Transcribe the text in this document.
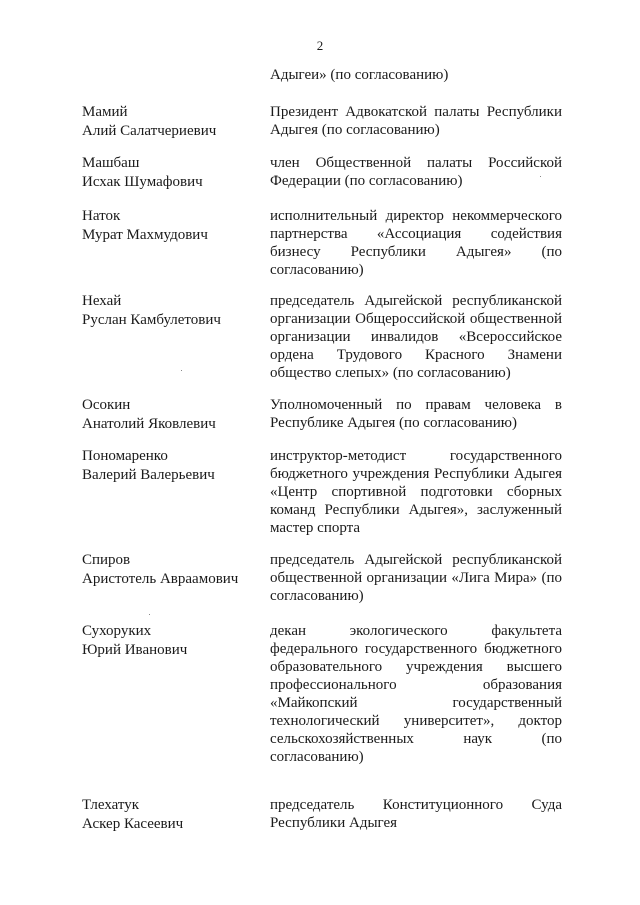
2
Адыгеи» (по согласованию)
Мамий
Алий Салатчериевич
Президент Адвокатской палаты Республики
Адыгея (по согласованию)
Машбаш
Исхак Шумафович
член Общественной палаты Российской
Федерации (по согласованию)
Наток
Мурат Махмудович
исполнительный директор некоммерческого
партнерства «Ассоциация содействия
бизнесу Республики Адыгея» (по
согласованию)
Нехай
Руслан Камбулетович
председатель Адыгейской республиканской
организации Общероссийской общественной
организации инвалидов «Всероссийское
ордена Трудового Красного Знамени
общество слепых» (по согласованию)
Осокин
Анатолий Яковлевич
Уполномоченный по правам человека в
Республике Адыгея (по согласованию)
Пономаренко
Валерий Валерьевич
инструктор-методист государственного
бюджетного учреждения Республики Адыгея
«Центр спортивной подготовки сборных
команд Республики Адыгея», заслуженный
мастер спорта
Спиров
Аристотель Авраамович
председатель Адыгейской республиканской
общественной организации «Лига Мира» (по
согласованию)
Сухоруких
Юрий Иванович
декан экологического факультета
федерального государственного бюджетного
образовательного учреждения высшего
профессионального образования
«Майкопский государственный
технологический университет», доктор
сельскохозяйственных наук (по
согласованию)
Тлехатук
Аскер Касеевич
председатель Конституционного Суда
Республики Адыгея
